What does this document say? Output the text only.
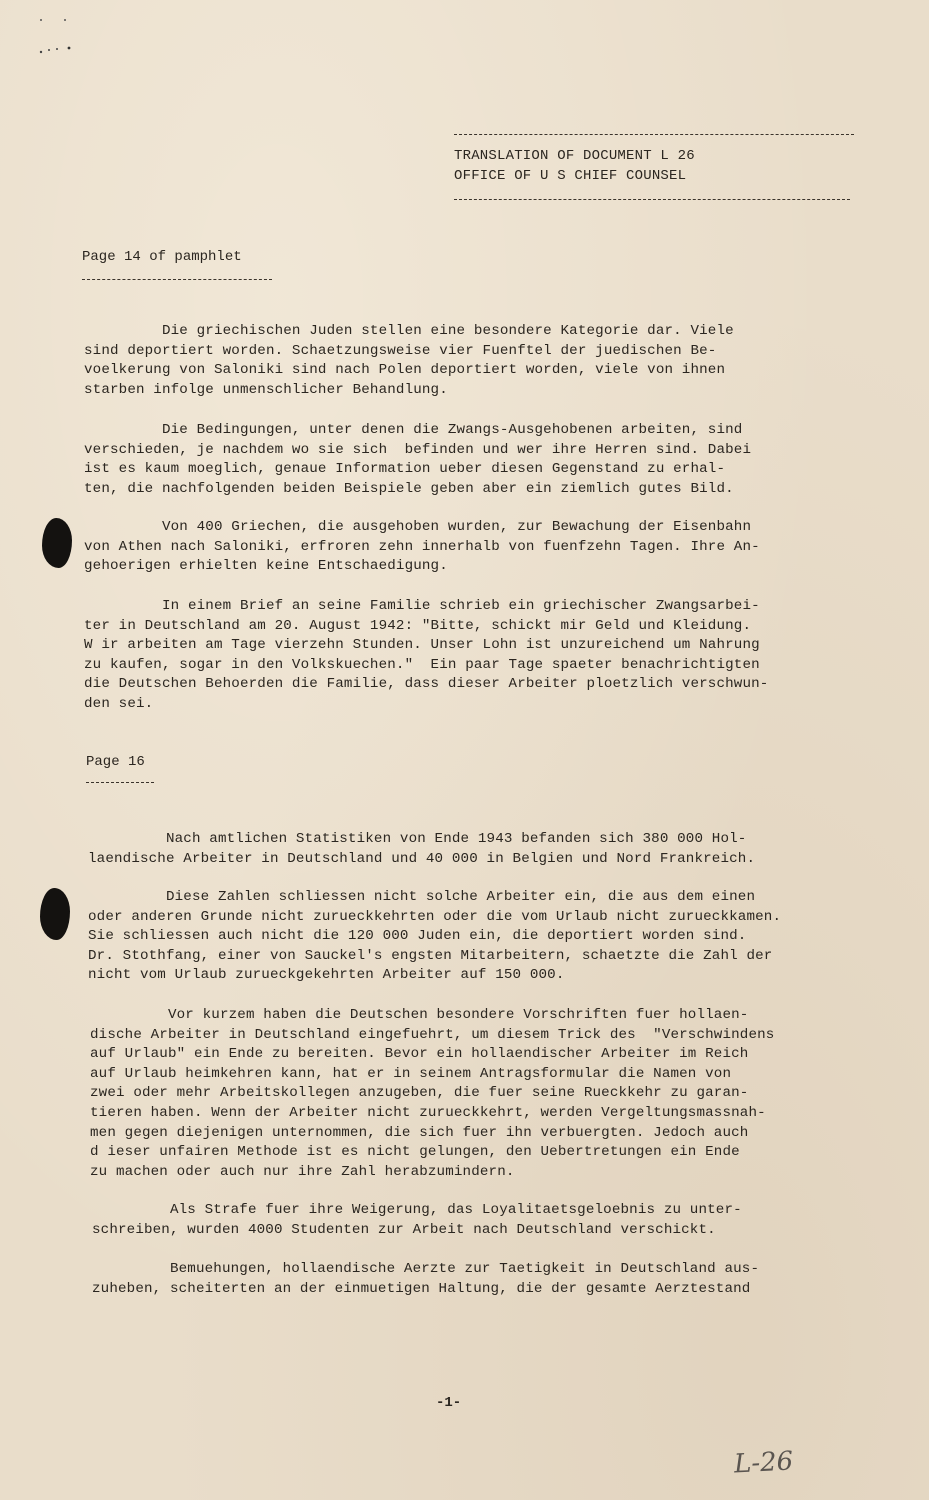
TRANSLATION OF DOCUMENT L 26
OFFICE OF U S CHIEF COUNSEL
Page 14 of pamphlet
Die griechischen Juden stellen eine besondere Kategorie dar. Viele
sind deportiert worden. Schaetzungsweise vier Fuenftel der juedischen Be-
voelkerung von Saloniki sind nach Polen deportiert worden, viele von ihnen
starben infolge unmenschlicher Behandlung.
Die Bedingungen, unter denen die Zwangs-Ausgehobenen arbeiten, sind
verschieden, je nachdem wo sie sich  befinden und wer ihre Herren sind. Dabei
ist es kaum moeglich, genaue Information ueber diesen Gegenstand zu erhal-
ten, die nachfolgenden beiden Beispiele geben aber ein ziemlich gutes Bild.
Von 400 Griechen, die ausgehoben wurden, zur Bewachung der Eisenbahn
von Athen nach Saloniki, erfroren zehn innerhalb von fuenfzehn Tagen. Ihre An-
gehoerigen erhielten keine Entschaedigung.
In einem Brief an seine Familie schrieb ein griechischer Zwangsarbei-
ter in Deutschland am 20. August 1942: "Bitte, schickt mir Geld und Kleidung.
W ir arbeiten am Tage vierzehn Stunden. Unser Lohn ist unzureichend um Nahrung
zu kaufen, sogar in den Volkskuechen."  Ein paar Tage spaeter benachrichtigten
die Deutschen Behoerden die Familie, dass dieser Arbeiter ploetzlich verschwun-
den sei.
Page 16
Nach amtlichen Statistiken von Ende 1943 befanden sich 380 000 Hol-
laendische Arbeiter in Deutschland und 40 000 in Belgien und Nord Frankreich.
Diese Zahlen schliessen nicht solche Arbeiter ein, die aus dem einen
oder anderen Grunde nicht zurueckkehrten oder die vom Urlaub nicht zurueckkamen.
Sie schliessen auch nicht die 120 000 Juden ein, die deportiert worden sind.
Dr. Stothfang, einer von Sauckel's engsten Mitarbeitern, schaetzte die Zahl der
nicht vom Urlaub zurueckgekehrten Arbeiter auf 150 000.
Vor kurzem haben die Deutschen besondere Vorschriften fuer hollaen-
dische Arbeiter in Deutschland eingefuehrt, um diesem Trick des  "Verschwindens
auf Urlaub" ein Ende zu bereiten. Bevor ein hollaendischer Arbeiter im Reich
auf Urlaub heimkehren kann, hat er in seinem Antragsformular die Namen von
zwei oder mehr Arbeitskollegen anzugeben, die fuer seine Rueckkehr zu garan-
tieren haben. Wenn der Arbeiter nicht zurueckkehrt, werden Vergeltungsmassnah-
men gegen diejenigen unternommen, die sich fuer ihn verbuergten. Jedoch auch
d ieser unfairen Methode ist es nicht gelungen, den Uebertretungen ein Ende
zu machen oder auch nur ihre Zahl herabzumindern.
Als Strafe fuer ihre Weigerung, das Loyalitaetsgeloebnis zu unter-
schreiben, wurden 4000 Studenten zur Arbeit nach Deutschland verschickt.
Bemuehungen, hollaendische Aerzte zur Taetigkeit in Deutschland aus-
zuheben, scheiterten an der einmuetigen Haltung, die der gesamte Aerztestand
-1-
L-26
